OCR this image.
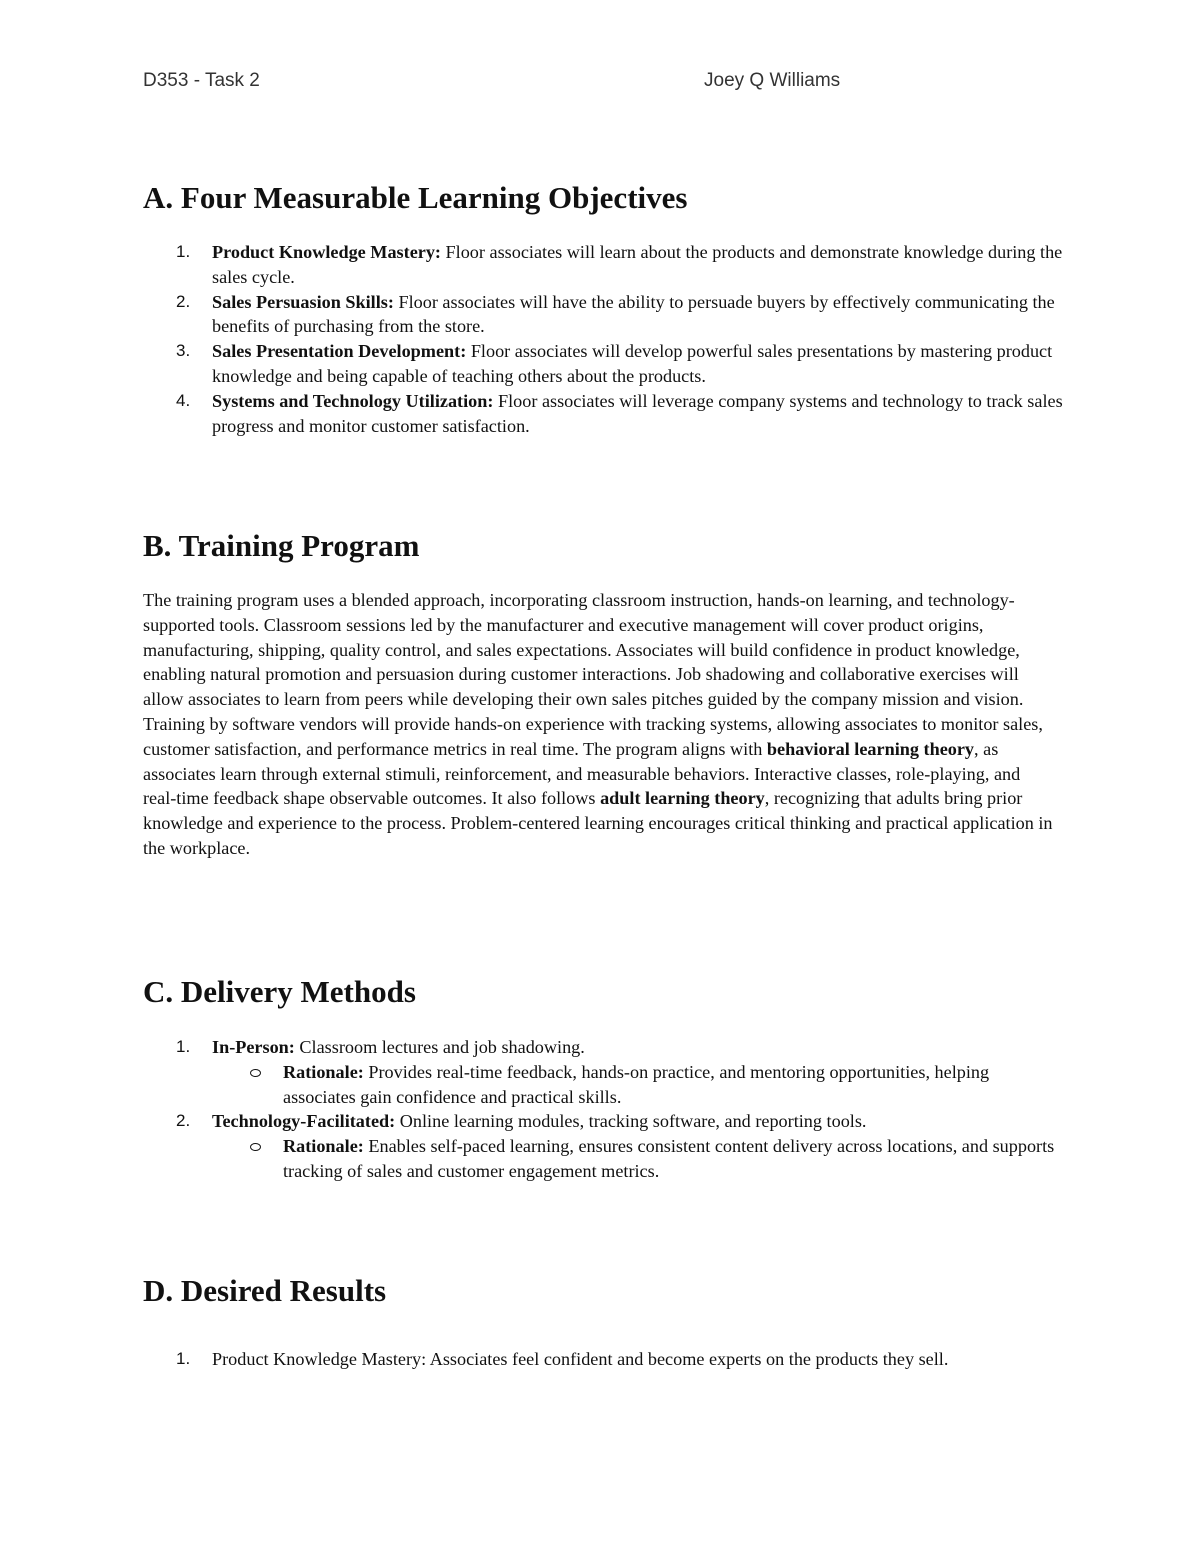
D353 - Task 2	Joey Q Williams
A. Four Measurable Learning Objectives
1. Product Knowledge Mastery: Floor associates will learn about the products and demonstrate knowledge during the sales cycle.
2. Sales Persuasion Skills: Floor associates will have the ability to persuade buyers by effectively communicating the benefits of purchasing from the store.
3. Sales Presentation Development: Floor associates will develop powerful sales presentations by mastering product knowledge and being capable of teaching others about the products.
4. Systems and Technology Utilization: Floor associates will leverage company systems and technology to track sales progress and monitor customer satisfaction.
B. Training Program
The training program uses a blended approach, incorporating classroom instruction, hands-on learning, and technology-supported tools. Classroom sessions led by the manufacturer and executive management will cover product origins, manufacturing, shipping, quality control, and sales expectations. Associates will build confidence in product knowledge, enabling natural promotion and persuasion during customer interactions. Job shadowing and collaborative exercises will allow associates to learn from peers while developing their own sales pitches guided by the company mission and vision. Training by software vendors will provide hands-on experience with tracking systems, allowing associates to monitor sales, customer satisfaction, and performance metrics in real time. The program aligns with behavioral learning theory, as associates learn through external stimuli, reinforcement, and measurable behaviors. Interactive classes, role-playing, and real-time feedback shape observable outcomes. It also follows adult learning theory, recognizing that adults bring prior knowledge and experience to the process. Problem-centered learning encourages critical thinking and practical application in the workplace.
C. Delivery Methods
1. In-Person: Classroom lectures and job shadowing.
Rationale: Provides real-time feedback, hands-on practice, and mentoring opportunities, helping associates gain confidence and practical skills.
2. Technology-Facilitated: Online learning modules, tracking software, and reporting tools.
Rationale: Enables self-paced learning, ensures consistent content delivery across locations, and supports tracking of sales and customer engagement metrics.
D. Desired Results
1. Product Knowledge Mastery: Associates feel confident and become experts on the products they sell.
